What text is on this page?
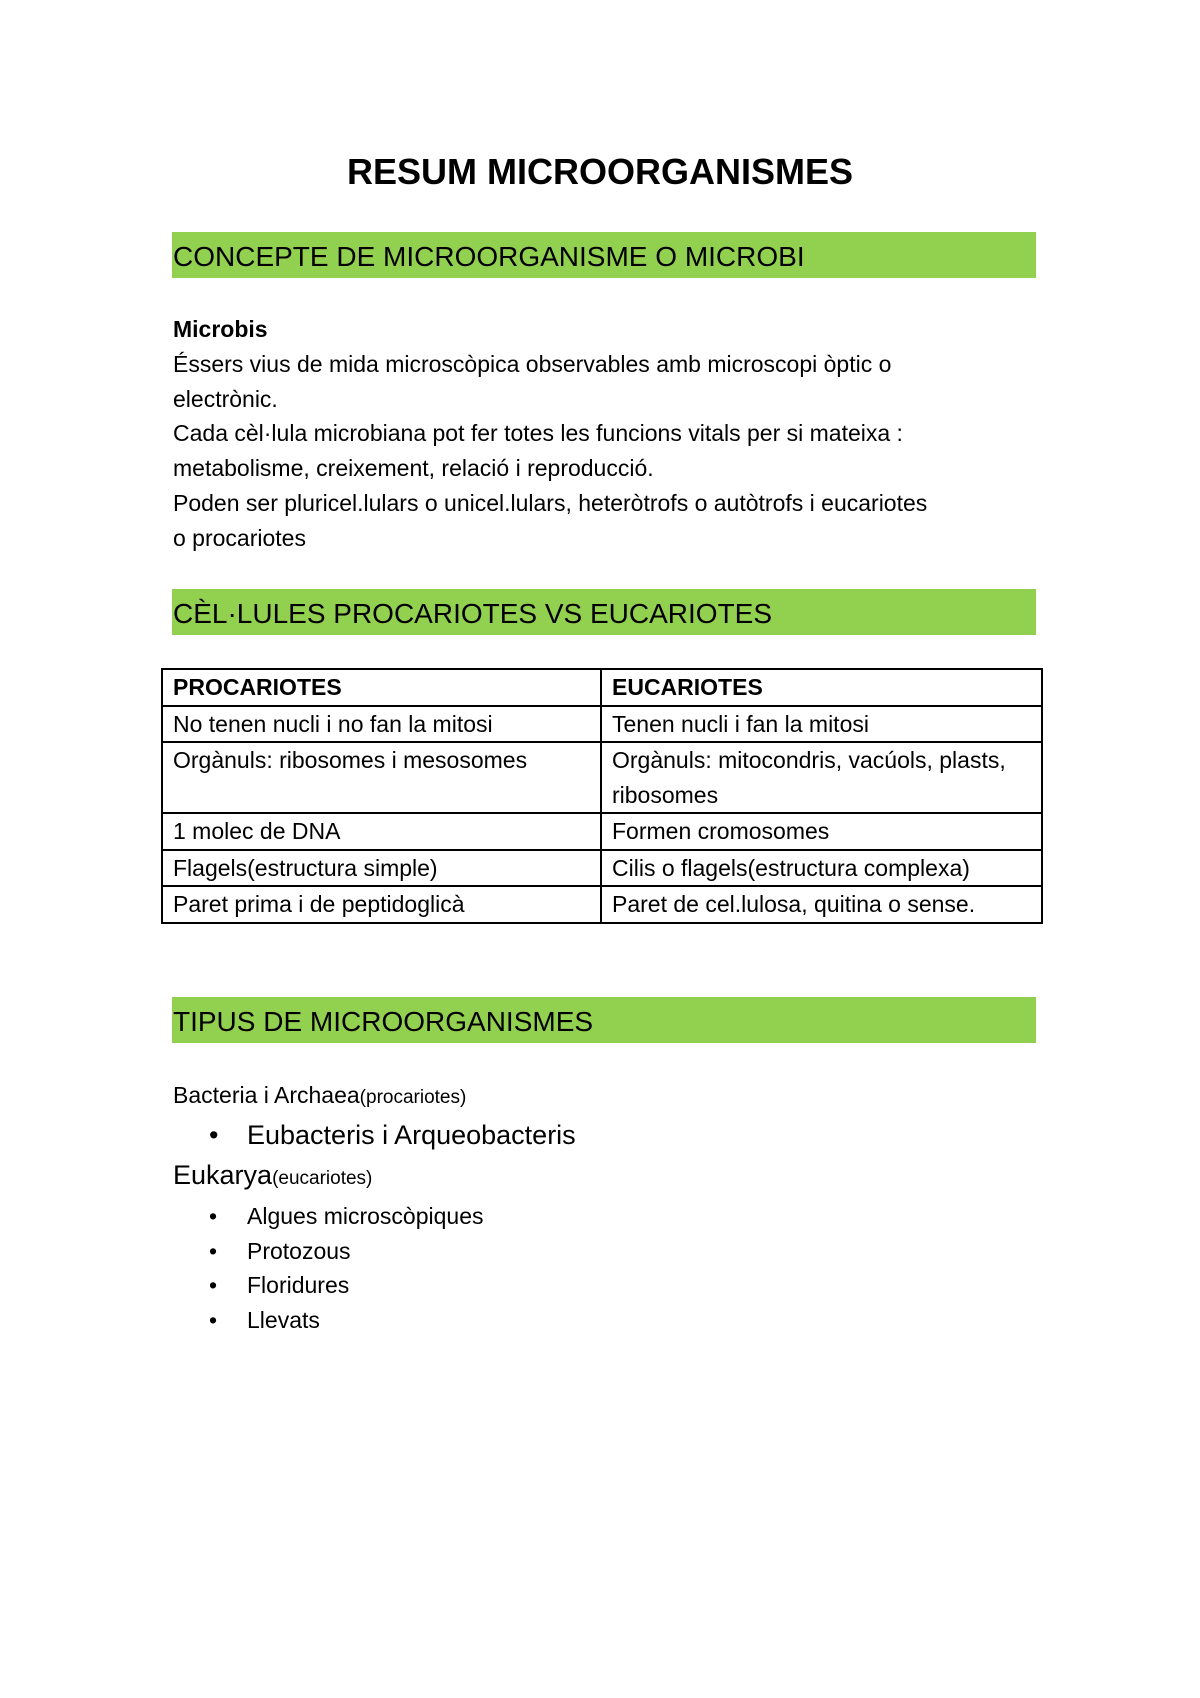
RESUM MICROORGANISMES
CONCEPTE DE MICROORGANISME O MICROBI

Microbis

Éssers vius de mida microscòpica observables amb microscopi òptic o

electrònic.

Cada cèl·lula microbiana pot fer totes les funcions vitals per si mateixa :

metabolisme, creixement, relació i reproducció.

Poden ser pluricel.lulars o unicel.lulars, heteròtrofs o autòtrofs i eucariotes

o procariotes

CÈL·LULES PROCARIOTES VS EUCARIOTES
PROCARIOTES	EUCARIOTES
No tenen nucli i no fan la mitosi	Tenen nucli i fan la mitosi
Orgànuls: ribosomes i mesosomes	Orgànuls: mitocondris, vacúols, plasts, ribosomes
1 molec de DNA	Formen cromosomes
Flagels(estructura simple)	Cilis o flagels(estructura complexa)
Paret prima i de peptidoglicà	Paret de cel.lulosa, quitina o sense.
TIPUS DE MICROORGANISMES
Bacteria i Archaea(procariotes)
• Eubacteris i Arqueobacteris
Eukarya(eucariotes)
• Algues microscòpiques
• Protozous
• Floridures
• Llevats
